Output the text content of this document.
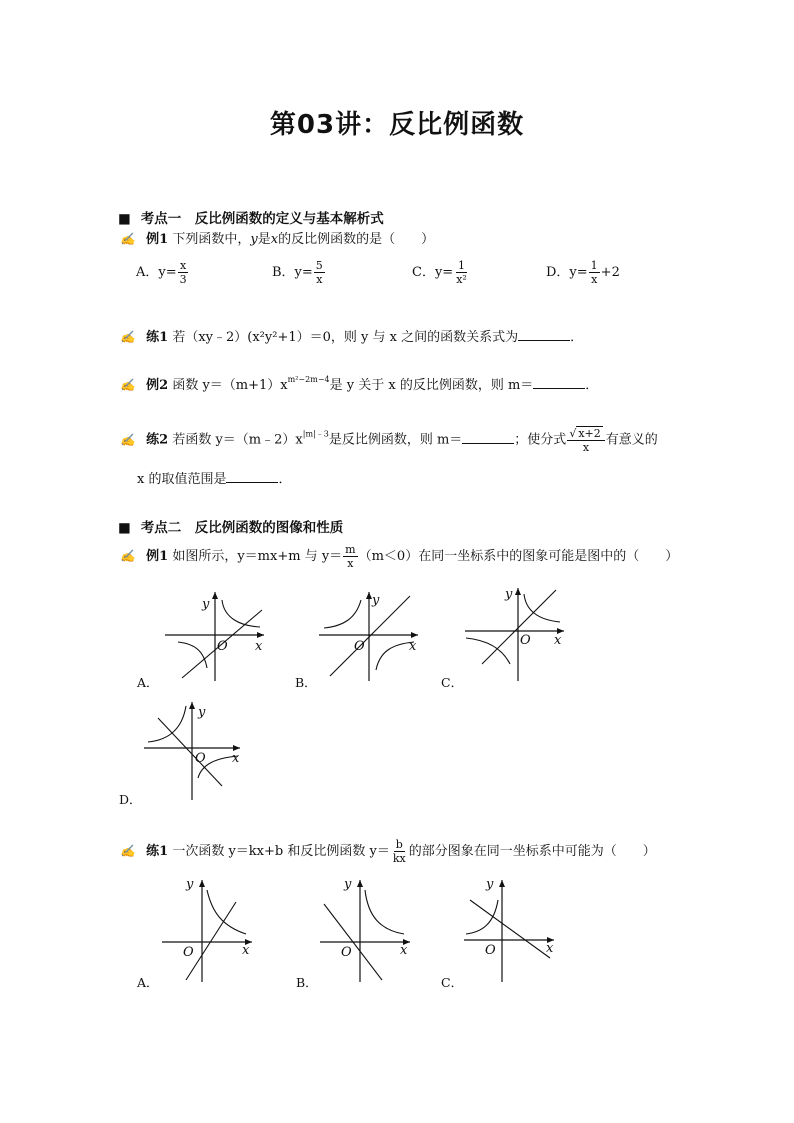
第03讲：反比例函数
■ 考点一　反比例函数的定义与基本解析式
✍ 例1 下列函数中，y是x的反比例函数的是（　　）
A．$y= \frac{x}{3}$	B．$y= \frac{5}{x}$	C．$y= \frac{1}{\text{x²}}$	D．$y= \frac{1}{x} +2$
✍ 练1 若（xy﹣2）(x²y²+1）＝0，则 y 与 x 之间的函数关系式为	．
✍ 例2 函数 $y=(m+1)x^{m^2-2m-4}$是 y 关于 x 的反比例函数，则 m＝	．
✍ 练2 若函数 $y=(m﹣2)x^{|m|﹣3}$是反比例函数，则 m＝	；使分式 $\frac{√ x+2}{x}$ 有意义的
x 的取值范围是	．
■ 考点二　反比例函数的图像和性质
✍ 例1 如图所示，y＝mx+m 与 $y= \frac{m}{x} (m<0)$在同一坐标系中的图象可能是图中的（　　）
y
x
O
A．
y
x
O
B．
y
x
O
C．
y
x
O
D．
✍ 练1 一次函数 y＝kx+b 和反比例函数 $y= \frac{b}{kx}$ 的部分图象在同一坐标系中可能为（　　）
y
x
O
A．
y
x
O
B．
y
x
O
C．
